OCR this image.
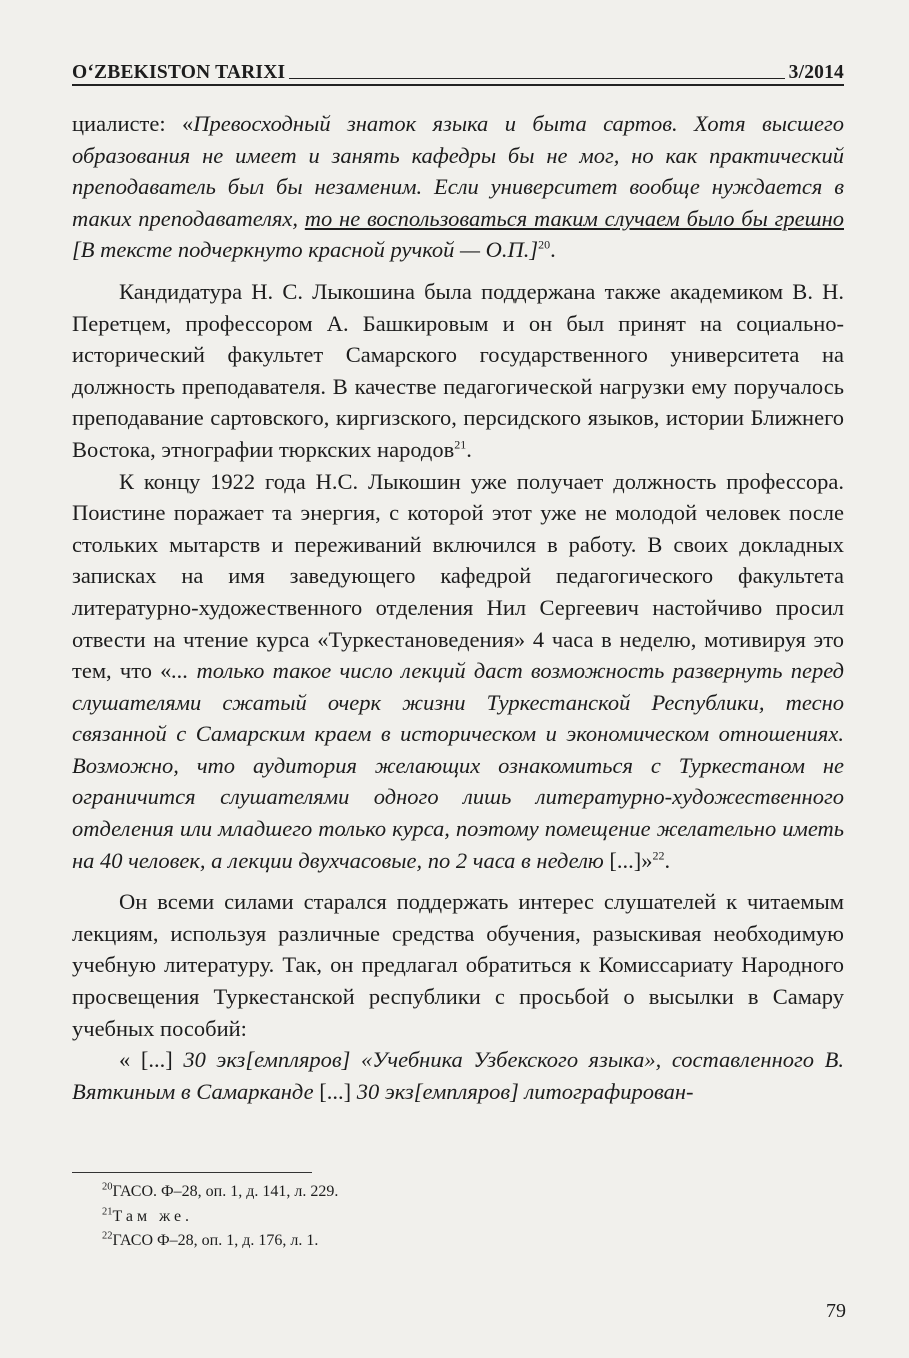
O‘ZBEKISTON TARIXI	3/2014

циалисте: «Превосходный знаток языка и быта сартов. Хотя высшего образования не имеет и занять кафедры бы не мог, но как практический преподаватель был бы незаменим. Если университет вообще нуждается в таких преподавателях, то не воспользоваться таким случаем было бы грешно [В тексте подчеркнуто красной ручкой — О.П.]$^{20}$.

Кандидатура Н. С. Лыкошина была поддержана также академиком В. Н. Перетцем, профессором А. Башкировым и он был принят на социально-исторический факультет Самарского государственного университета на должность преподавателя. В качестве педагогической нагрузки ему поручалось преподавание сартовского, киргизского, персидского языков, истории Ближнего Востока, этнографии тюркских народов$^{21}$.

К концу 1922 года Н.С. Лыкошин уже получает должность профессора. Поистине поражает та энергия, с которой этот уже не молодой человек после стольких мытарств и переживаний включился в работу. В своих докладных записках на имя заведующего кафедрой педагогического факультета литературно-художественного отделения Нил Сергеевич настойчиво просил отвести на чтение курса «Туркестановедения» 4 часа в неделю, мотивируя это тем, что «... только такое число лекций даст возможность развернуть перед слушателями сжатый очерк жизни Туркестанской Республики, тесно связанной с Самарским краем в историческом и экономическом отношениях. Возможно, что аудитория желающих ознакомиться с Туркестаном не ограничится слушателями одного лишь литературно-художественного отделения или младшего только курса, поэтому помещение желательно иметь на 40 человек, а лекции двухчасовые, по 2 часа в неделю [...]»$^{22}$.

Он всеми силами старался поддержать интерес слушателей к читаемым лекциям, используя различные средства обучения, разыскивая необходимую учебную литературу. Так, он предлагал обратиться к Комиссариату Народного просвещения Туркестанской республики с просьбой о высылки в Самару учебных пособий:

« [...] 30 экз[емпляров] «Учебника Узбекского языка», составленного В. Вяткиным в Самарканде [...] 30 экз[емпляров] литографирован-

$^{20}$ГАСО. Ф–28, оп. 1, д. 141, л. 229.
$^{21}$Там же.
$^{22}$ГАСО Ф–28, оп. 1, д. 176, л. 1.
79
